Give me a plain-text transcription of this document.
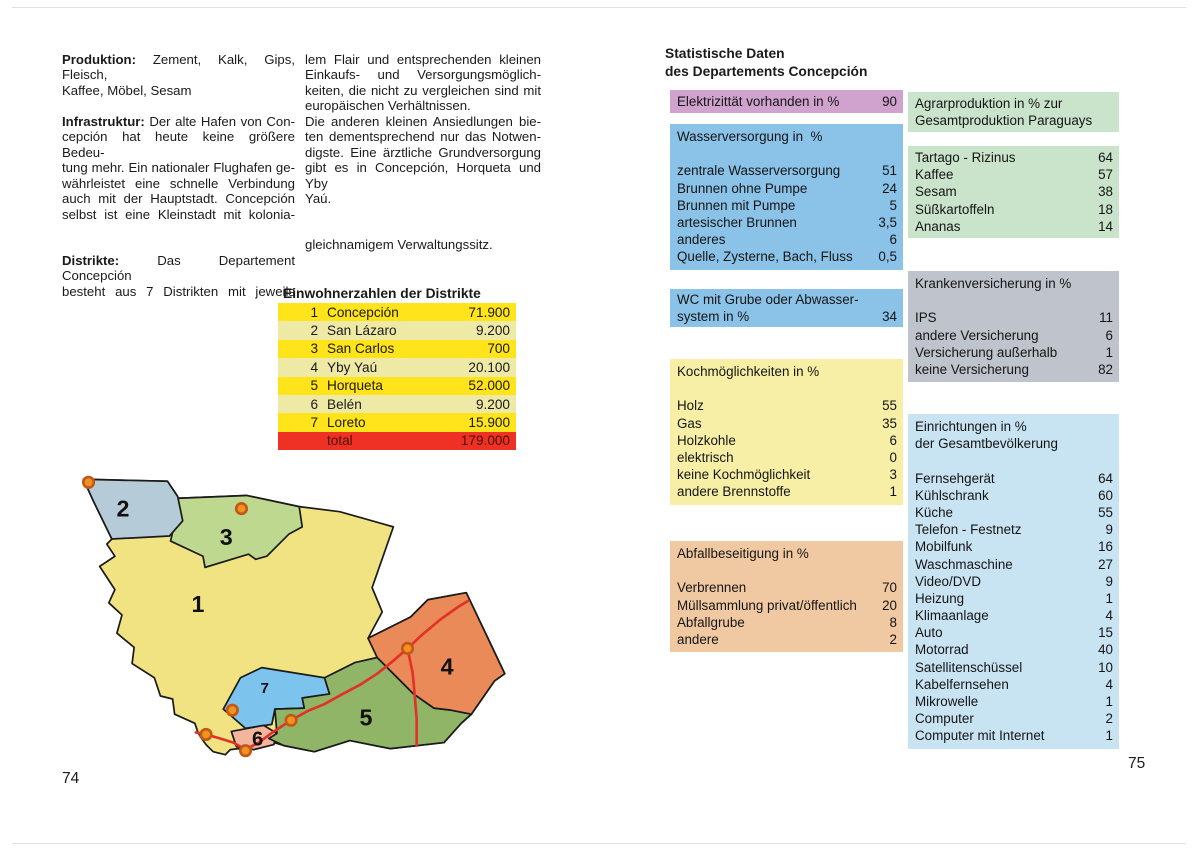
Produktion: Zement, Kalk, Gips, Fleisch,
Kaffee, Möbel, Sesam
Infrastruktur: Der alte Hafen von Con-
cepción hat heute keine größere Bedeu-
tung mehr. Ein nationaler Flughafen ge-
währleistet eine schnelle Verbindung
auch mit der Hauptstadt. Concepción
selbst ist eine Kleinstadt mit kolonia-
Distrikte: Das Departement Concepción
besteht aus 7 Distrikten mit jeweils
lem Flair und entsprechenden kleinen
Einkaufs- und Versorgungsmöglich-
keiten, die nicht zu vergleichen sind mit
europäischen Verhältnissen.
Die anderen kleinen Ansiedlungen bie-
ten dementsprechend nur das Notwen-
digste. Eine ärztliche Grundversorgung
gibt es in Concepción, Horqueta und Yby
Yaú.
gleichnamigem Verwaltungssitz.
Einwohnerzahlen der Distrikte
1 Concepción	71.900
2 San Lázaro	9.200
3 San Carlos	700
4 Yby Yaú	20.100
5 Horqueta	52.000
6 Belén	9.200
7 Loreto	15.900
total	179.000
1
2
3
4
5
6
7
Statistische Daten
des Departements Concepción
Elektrizittät vorhanden in %	90
Wasserversorgung in  %
zentrale Wasserversorgung	51
Brunnen ohne Pumpe	24
Brunnen mit Pumpe	5
artesischer Brunnen	3,5
anderes	6
Quelle, Zysterne, Bach, Fluss 0,5
WC mit Grube oder Abwasser-
system in %	34
Kochmöglichkeiten in %
Holz	55
Gas	35
Holzkohle	6
elektrisch	0
keine Kochmöglichkeit	3
andere Brennstoffe	1
Abfallbeseitigung in %
Verbrennen	70
Müllsammlung privat/öffentlich 20
Abfallgrube	8
andere	2
Agrarproduktion in % zur
Gesamtproduktion Paraguays
Tartago - Rizinus	64
Kaffee	57
Sesam	38
Süßkartoffeln	18
Ananas	14
Krankenversicherung in %
IPS	11
andere Versicherung	6
Versicherung außerhalb	1
keine Versicherung	82
Einrichtungen in %
der Gesamtbevölkerung
Fernsehgerät	64
Kühlschrank	60
Küche	55
Telefon - Festnetz	9
Mobilfunk	16
Waschmaschine	27
Video/DVD	9
Heizung	1
Klimaanlage	4
Auto	15
Motorrad	40
Satellitenschüssel	10
Kabelfernsehen	4
Mikrowelle	1
Computer	2
Computer mit Internet	1
74
75
